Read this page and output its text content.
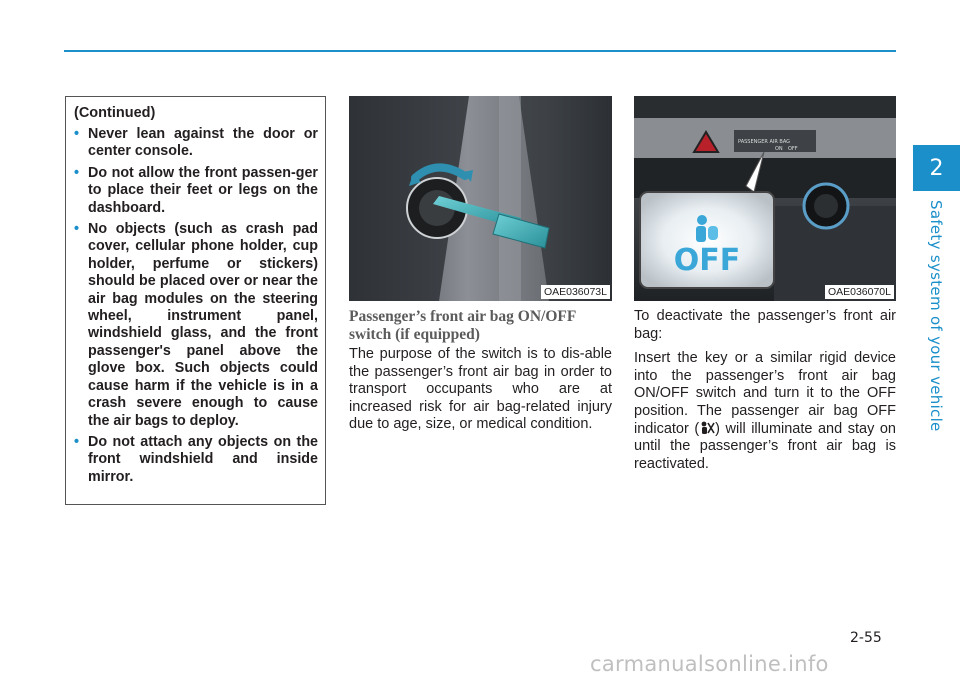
2
Safety system of your vehicle
(Continued)
• Never lean against the door or center console.
• Do not allow the front passen-ger to place their feet or legs on the dashboard.
• No objects (such as crash pad cover, cellular phone holder, cup holder, perfume or stickers) should be placed over or near the air bag modules on the steering wheel, instrument panel, windshield glass, and the front passenger's panel above the glove box. Such objects could cause harm if the vehicle is in a crash severe enough to cause the air bags to deploy.
• Do not attach any objects on the front windshield and inside mirror.
OAE036073L
PASSENGER AIR BAG
ON OFF
OFF
OAE036070L
Passenger’s front air bag ON/OFF switch (if equipped)

The purpose of the switch is to dis-able the passenger’s front air bag in order to transport occupants who are at increased risk for air bag-related injury due to age, size, or medical condition.

To deactivate the passenger’s front air bag:

Insert the key or a similar rigid device into the passenger’s front air bag ON/OFF switch and turn it to the OFF position. The passenger air bag OFF indicator ( ) will illuminate and stay on until the passenger’s front air bag is reactivated.

2-55
carmanualsonline.info
